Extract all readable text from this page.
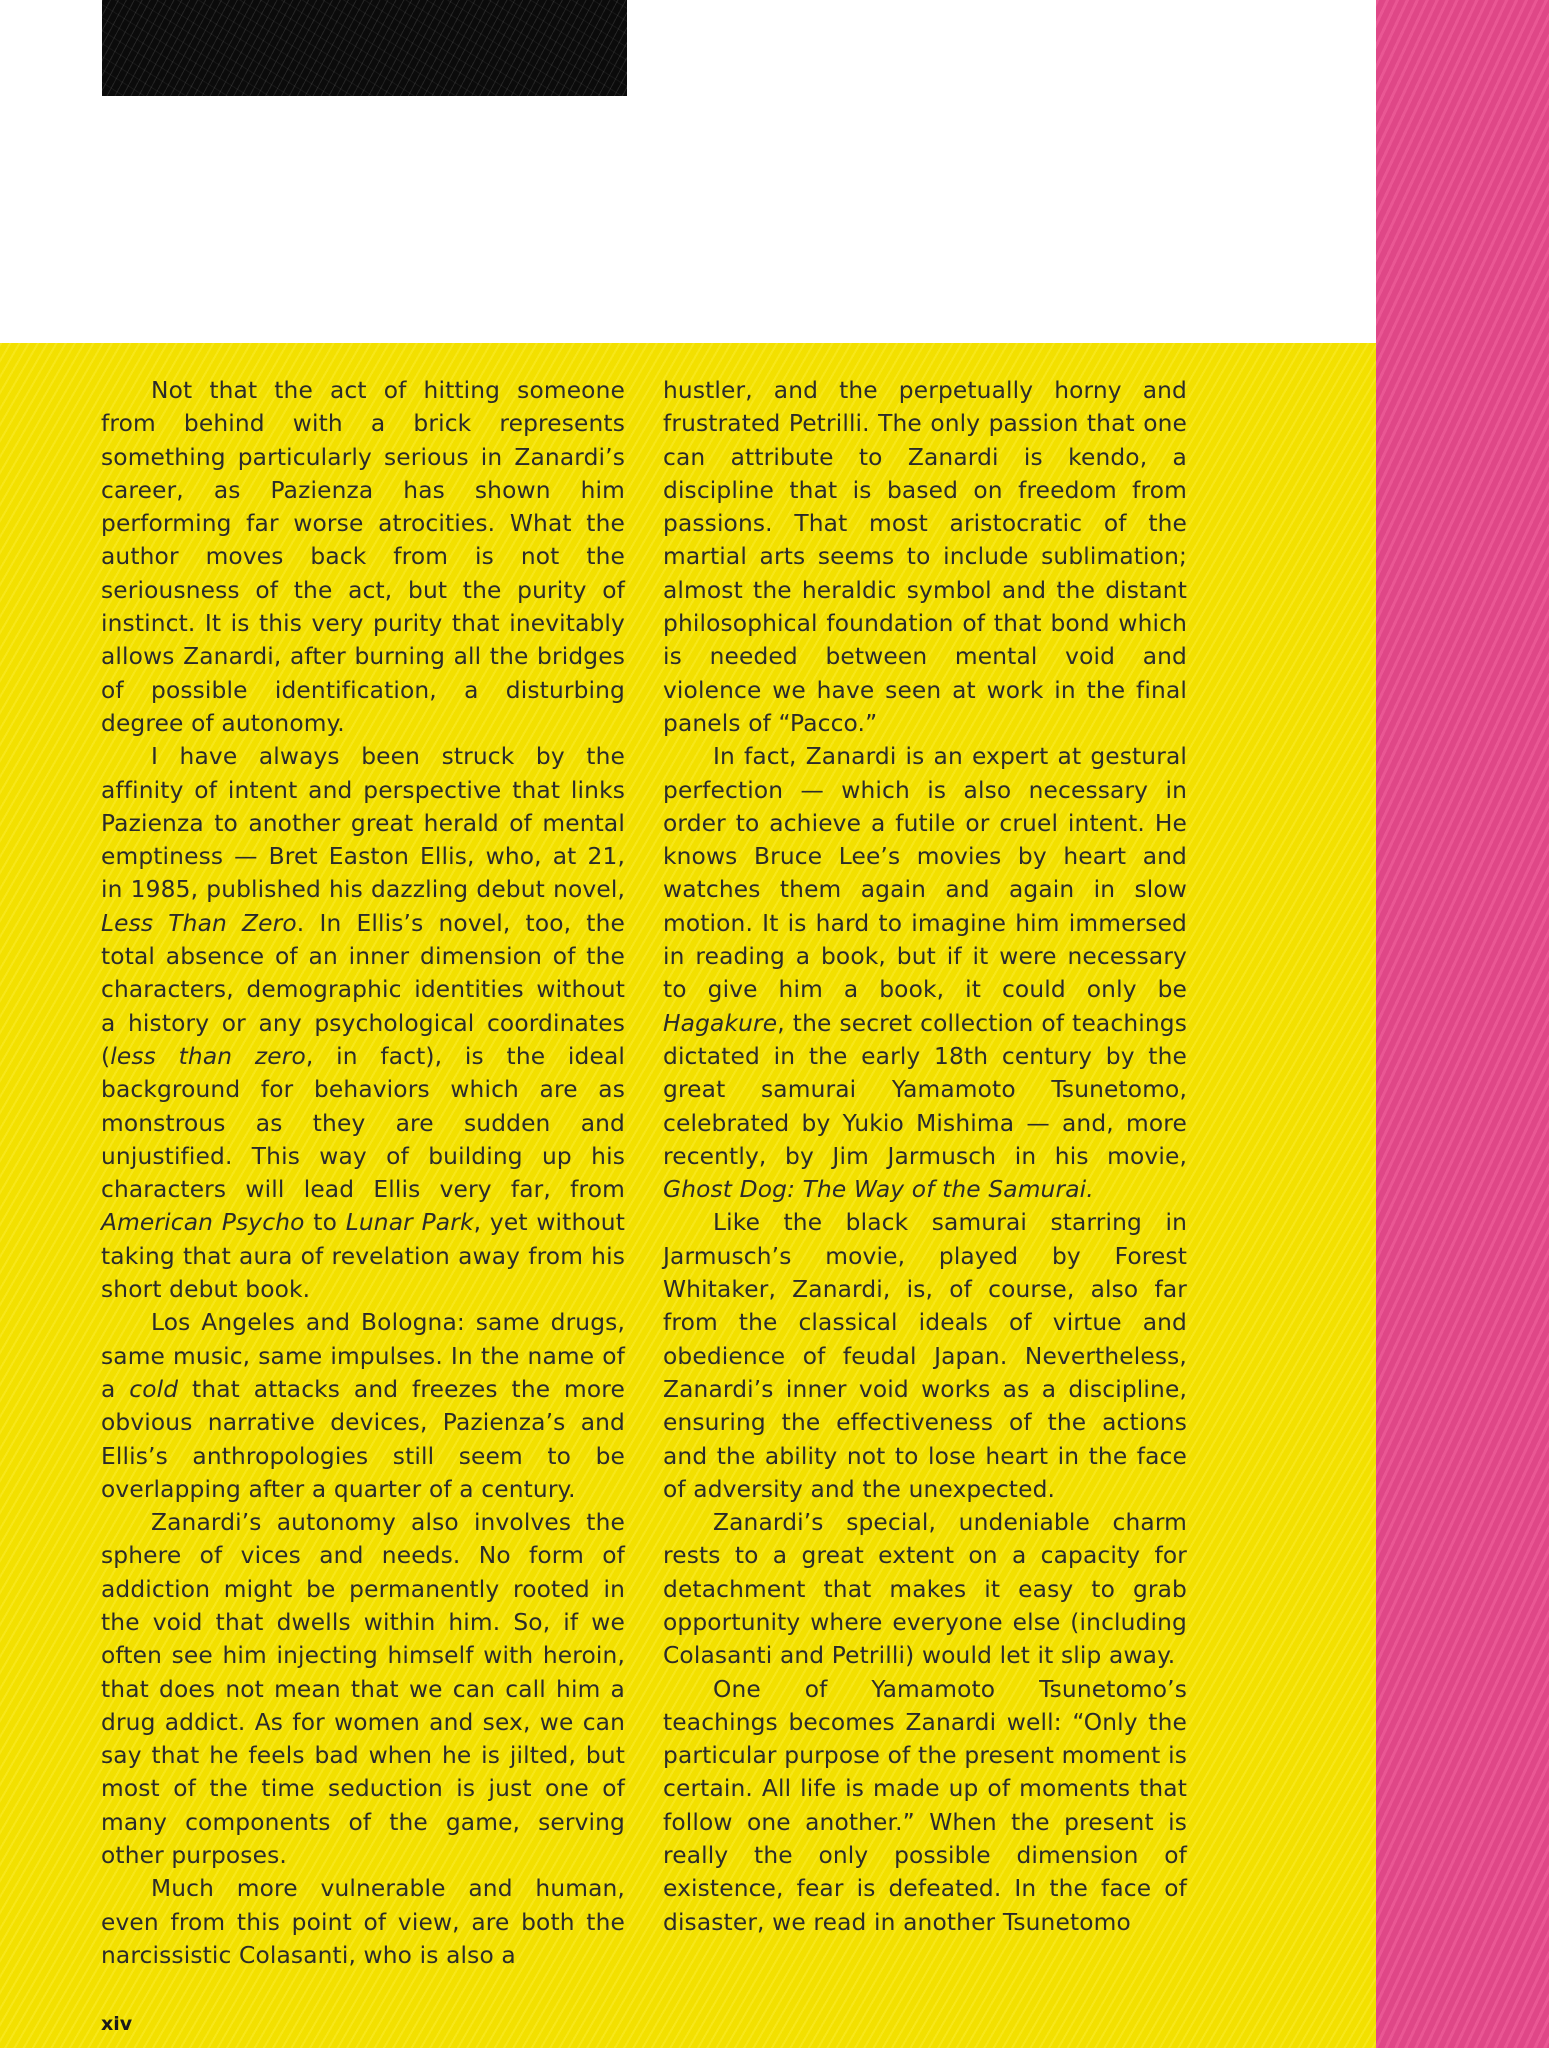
Not that the act of hitting someone from behind with a brick represents something particularly serious in Zanardi’s career, as Pazienza has shown him performing far worse atrocities. What the author moves back from is not the seriousness of the act, but the purity of instinct. It is this very purity that inevitably allows Zanardi, after burning all the bridges of possible identification, a disturbing degree of autonomy.

I have always been struck by the affinity of intent and perspective that links Pazienza to another great herald of mental emptiness — Bret Easton Ellis, who, at 21, in 1985, published his dazzling debut novel, Less Than Zero. In Ellis’s novel, too, the total absence of an inner dimension of the characters, demographic identities without a history or any psychological coordinates (less than zero, in fact), is the ideal background for behaviors which are as monstrous as they are sudden and unjustified. This way of building up his characters will lead Ellis very far, from American Psycho to Lunar Park, yet without taking that aura of revelation away from his short debut book.

Los Angeles and Bologna: same drugs, same music, same impulses. In the name of a cold that attacks and freezes the more obvious narrative devices, Pazienza’s and Ellis’s anthropologies still seem to be overlapping after a quarter of a century.

Zanardi’s autonomy also involves the sphere of vices and needs. No form of addiction might be permanently rooted in the void that dwells within him. So, if we often see him injecting himself with heroin, that does not mean that we can call him a drug addict. As for women and sex, we can say that he feels bad when he is jilted, but most of the time seduction is just one of many components of the game, serving other purposes.

Much more vulnerable and human, even from this point of view, are both the narcissistic Colasanti, who is also a

hustler, and the perpetually horny and frustrated Petrilli. The only passion that one can attribute to Zanardi is kendo, a discipline that is based on freedom from passions. That most aristocratic of the martial arts seems to include sublimation; almost the heraldic symbol and the distant philosophical foundation of that bond which is needed between mental void and violence we have seen at work in the final panels of “Pacco.”

In fact, Zanardi is an expert at gestural perfection — which is also necessary in order to achieve a futile or cruel intent. He knows Bruce Lee’s movies by heart and watches them again and again in slow motion. It is hard to imagine him immersed in reading a book, but if it were necessary to give him a book, it could only be Hagakure, the secret collection of teachings dictated in the early 18th century by the great samurai Yamamoto Tsunetomo, celebrated by Yukio Mishima — and, more recently, by Jim Jarmusch in his movie, Ghost Dog: The Way of the Samurai.

Like the black samurai starring in Jarmusch’s movie, played by Forest Whitaker, Zanardi, is, of course, also far from the classical ideals of virtue and obedience of feudal Japan. Nevertheless, Zanardi’s inner void works as a discipline, ensuring the effectiveness of the actions and the ability not to lose heart in the face of adversity and the unexpected.

Zanardi’s special, undeniable charm rests to a great extent on a capacity for detachment that makes it easy to grab opportunity where everyone else (including Colasanti and Petrilli) would let it slip away.

One of Yamamoto Tsunetomo’s teachings becomes Zanardi well: “Only the particular purpose of the present moment is certain. All life is made up of moments that follow one another.” When the present is really the only possible dimension of existence, fear is defeated. In the face of disaster, we read in another Tsunetomo

xiv
